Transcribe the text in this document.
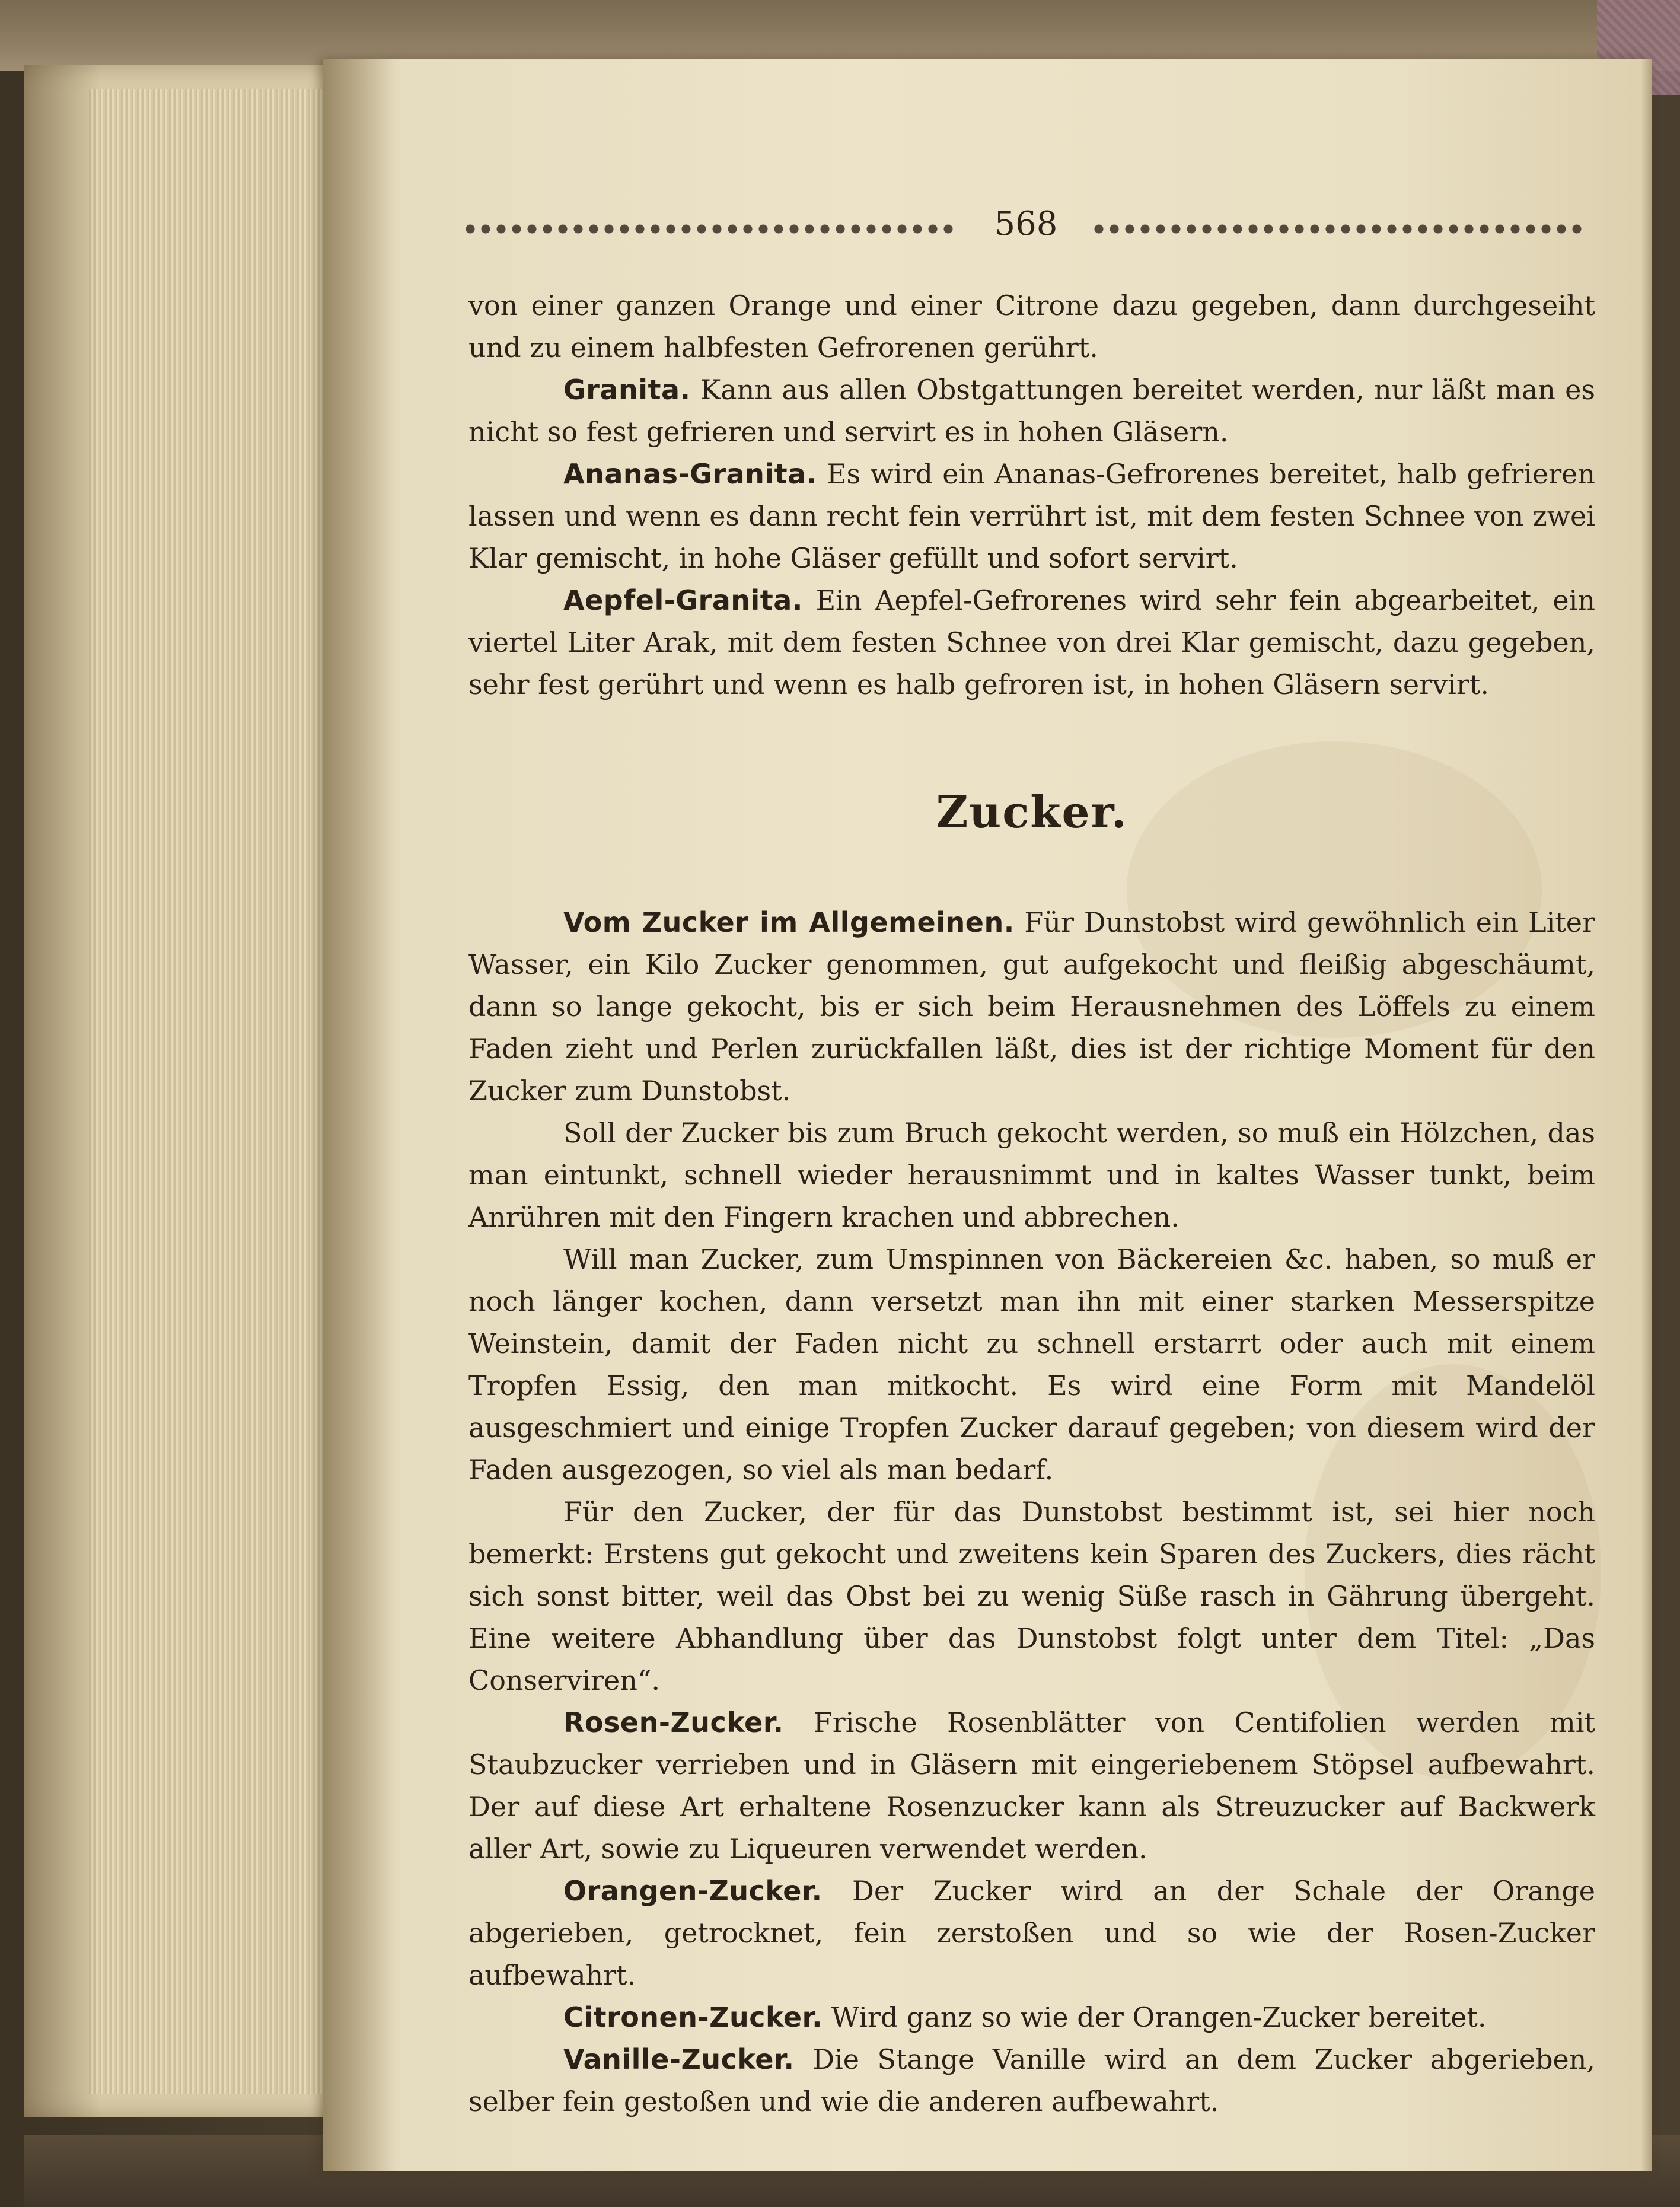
568

von einer ganzen Orange und einer Citrone dazu gegeben, dann durchgeseiht und zu einem halbfesten Gefrorenen gerührt.

Granita. Kann aus allen Obstgattungen bereitet werden, nur läßt man es nicht so fest gefrieren und servirt es in hohen Gläsern.

Ananas-Granita. Es wird ein Ananas-Gefrorenes bereitet, halb gefrieren lassen und wenn es dann recht fein verrührt ist, mit dem festen Schnee von zwei Klar gemischt, in hohe Gläser gefüllt und sofort servirt.

Aepfel-Granita. Ein Aepfel-Gefrorenes wird sehr fein abgearbeitet, ein viertel Liter Arak, mit dem festen Schnee von drei Klar gemischt, dazu gegeben, sehr fest gerührt und wenn es halb gefroren ist, in hohen Gläsern servirt.

Zucker.

Vom Zucker im Allgemeinen. Für Dunstobst wird gewöhnlich ein Liter Wasser, ein Kilo Zucker genommen, gut aufgekocht und fleißig abgeschäumt, dann so lange gekocht, bis er sich beim Herausnehmen des Löffels zu einem Faden zieht und Perlen zurückfallen läßt, dies ist der richtige Moment für den Zucker zum Dunstobst.

Soll der Zucker bis zum Bruch gekocht werden, so muß ein Hölzchen, das man eintunkt, schnell wieder herausnimmt und in kaltes Wasser tunkt, beim Anrühren mit den Fingern krachen und abbrechen.

Will man Zucker, zum Umspinnen von Bäckereien &c. haben, so muß er noch länger kochen, dann versetzt man ihn mit einer starken Messerspitze Weinstein, damit der Faden nicht zu schnell erstarrt oder auch mit einem Tropfen Essig, den man mitkocht. Es wird eine Form mit Mandelöl ausgeschmiert und einige Tropfen Zucker darauf gegeben; von diesem wird der Faden ausgezogen, so viel als man bedarf.

Für den Zucker, der für das Dunstobst bestimmt ist, sei hier noch bemerkt: Erstens gut gekocht und zweitens kein Sparen des Zuckers, dies rächt sich sonst bitter, weil das Obst bei zu wenig Süße rasch in Gährung übergeht. Eine weitere Abhandlung über das Dunstobst folgt unter dem Titel: „Das Conserviren“.

Rosen-Zucker. Frische Rosenblätter von Centifolien werden mit Staubzucker verrieben und in Gläsern mit eingeriebenem Stöpsel aufbewahrt. Der auf diese Art erhaltene Rosenzucker kann als Streuzucker auf Backwerk aller Art, sowie zu Liqueuren verwendet werden.

Orangen-Zucker. Der Zucker wird an der Schale der Orange abgerieben, getrocknet, fein zerstoßen und so wie der Rosen-Zucker aufbewahrt.

Citronen-Zucker. Wird ganz so wie der Orangen-Zucker bereitet.

Vanille-Zucker. Die Stange Vanille wird an dem Zucker abgerieben, selber fein gestoßen und wie die anderen aufbewahrt.
